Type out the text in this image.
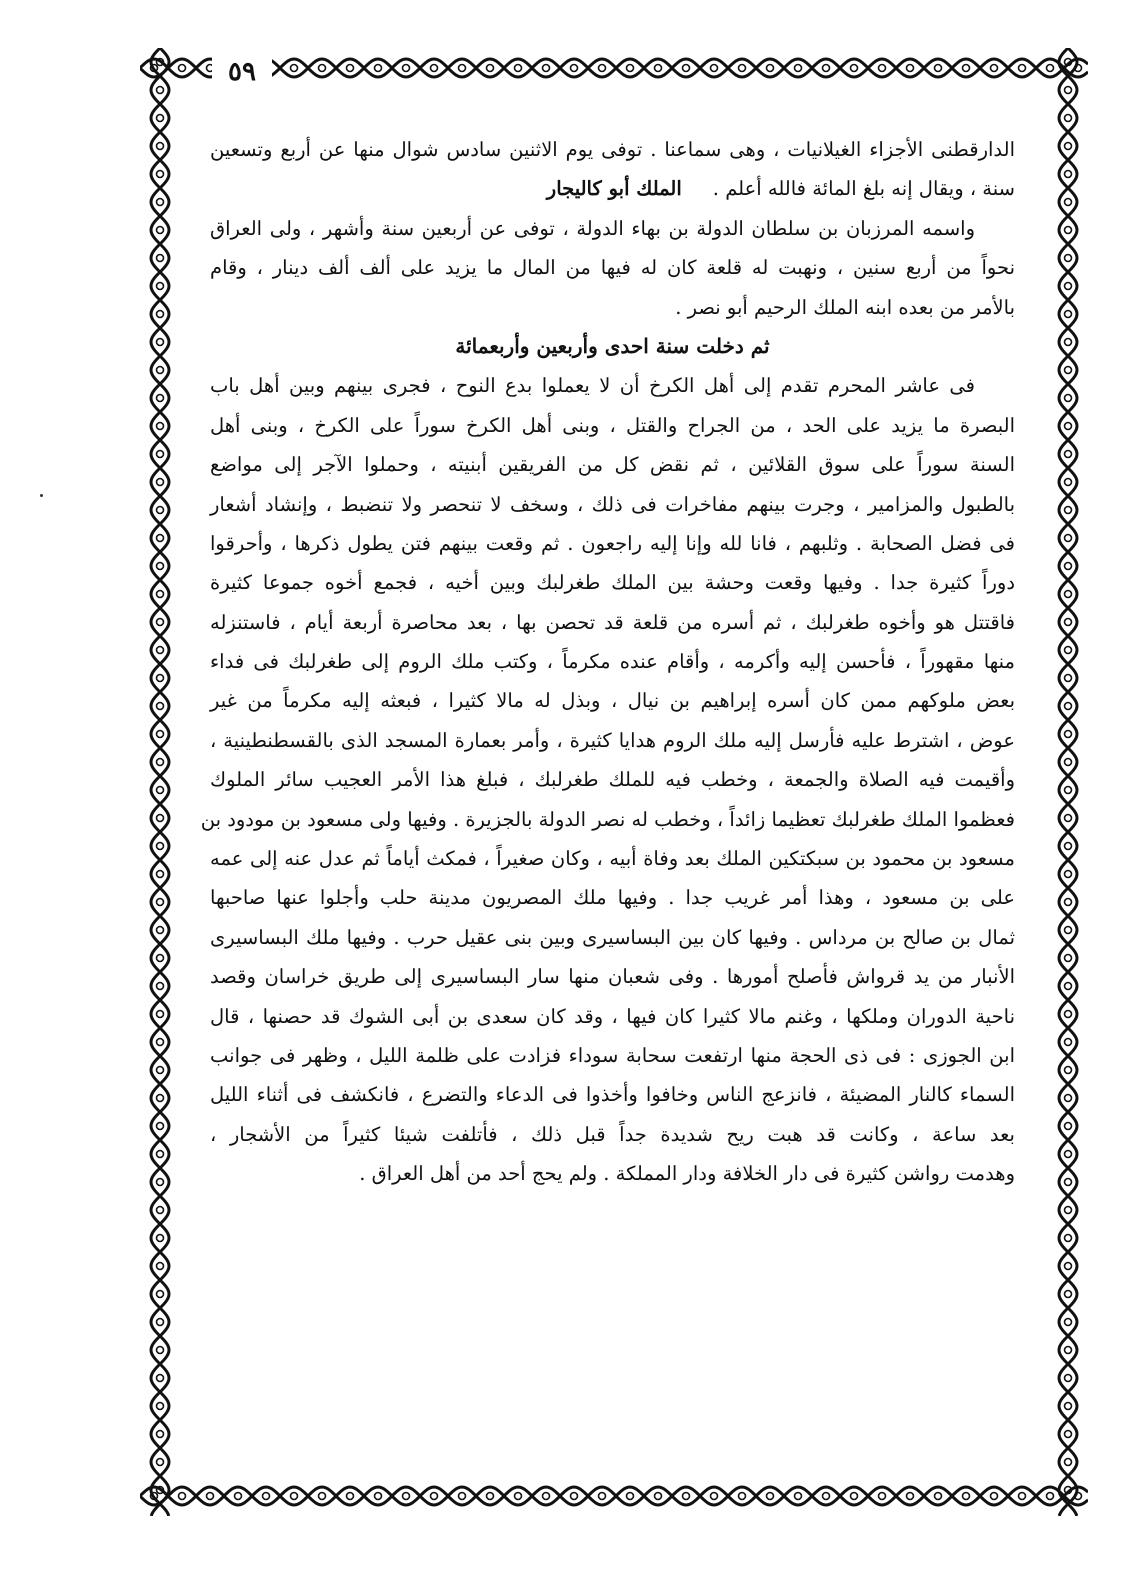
٥٩
الدارقطنى الأجزاء الغيلانيات ، وهى سماعنا . توفى يوم الاثنين سادس شوال منها عن أربع وتسعين
سنة ، ويقال إنه بلغ المائة فالله أعلم .     الملك أبو كاليجار
واسمه المرزبان بن سلطان الدولة بن بهاء الدولة ، توفى عن أربعين سنة وأشهر ، ولى العراق
نحواً من أربع سنين ، ونهبت له قلعة كان له فيها من المال ما يزيد على ألف ألف دينار ، وقام
بالأمر من بعده ابنه الملك الرحيم أبو نصر .
ثم دخلت سنة احدى وأربعين وأربعمائة
فى عاشر المحرم تقدم إلى أهل الكرخ أن لا يعملوا بدع النوح ، فجرى بينهم وبين أهل باب
البصرة ما يزيد على الحد ، من الجراح والقتل ، وبنى أهل الكرخ سوراً على الكرخ ، وبنى أهل
السنة سوراً على سوق القلائين ، ثم نقض كل من الفريقين أبنيته ، وحملوا الآجر إلى مواضع
بالطبول والمزامير ، وجرت بينهم مفاخرات فى ذلك ، وسخف لا تنحصر ولا تنضبط ، وإنشاد أشعار
فى فضل الصحابة . وثلبهم ، فانا لله وإنا إليه راجعون . ثم وقعت بينهم فتن يطول ذكرها ، وأحرقوا
دوراً كثيرة جدا . وفيها وقعت وحشة بين الملك طغرلبك وبين أخيه ، فجمع أخوه جموعا كثيرة
فاقتتل هو وأخوه طغرلبك ، ثم أسره من قلعة قد تحصن بها ، بعد محاصرة أربعة أيام ، فاستنزله
منها مقهوراً ، فأحسن إليه وأكرمه ، وأقام عنده مكرماً ، وكتب ملك الروم إلى طغرلبك فى فداء
بعض ملوكهم ممن كان أسره إبراهيم بن نيال ، وبذل له مالا كثيرا ، فبعثه إليه مكرماً من غير
عوض ، اشترط عليه فأرسل إليه ملك الروم هدايا كثيرة ، وأمر بعمارة المسجد الذى بالقسطنطينية ،
وأقيمت فيه الصلاة والجمعة ، وخطب فيه للملك طغرلبك ، فبلغ هذا الأمر العجيب سائر الملوك
فعظموا الملك طغرلبك تعظيما زائداً ، وخطب له نصر الدولة بالجزيرة . وفيها ولى مسعود بن مودود بن
مسعود بن محمود بن سبكتكين الملك بعد وفاة أبيه ، وكان صغيراً ، فمكث أياماً ثم عدل عنه إلى عمه
على بن مسعود ، وهذا أمر غريب جدا . وفيها ملك المصريون مدينة حلب وأجلوا عنها صاحبها
ثمال بن صالح بن مرداس . وفيها كان بين البساسيرى وبين بنى عقيل حرب . وفيها ملك البساسيرى
الأنبار من يد قرواش فأصلح أمورها . وفى شعبان منها سار البساسيرى إلى طريق خراسان وقصد
ناحية الدوران وملكها ، وغنم مالا كثيرا كان فيها ، وقد كان سعدى بن أبى الشوك قد حصنها ، قال
ابن الجوزى : فى ذى الحجة منها ارتفعت سحابة سوداء فزادت على ظلمة الليل ، وظهر فى جوانب
السماء كالنار المضيئة ، فانزعج الناس وخافوا وأخذوا فى الدعاء والتضرع ، فانكشف فى أثناء الليل
بعد ساعة ، وكانت قد هبت ريح شديدة جداً قبل ذلك ، فأتلفت شيئا كثيراً من الأشجار ،
وهدمت رواشن كثيرة فى دار الخلافة ودار المملكة . ولم يحج أحد من أهل العراق .
